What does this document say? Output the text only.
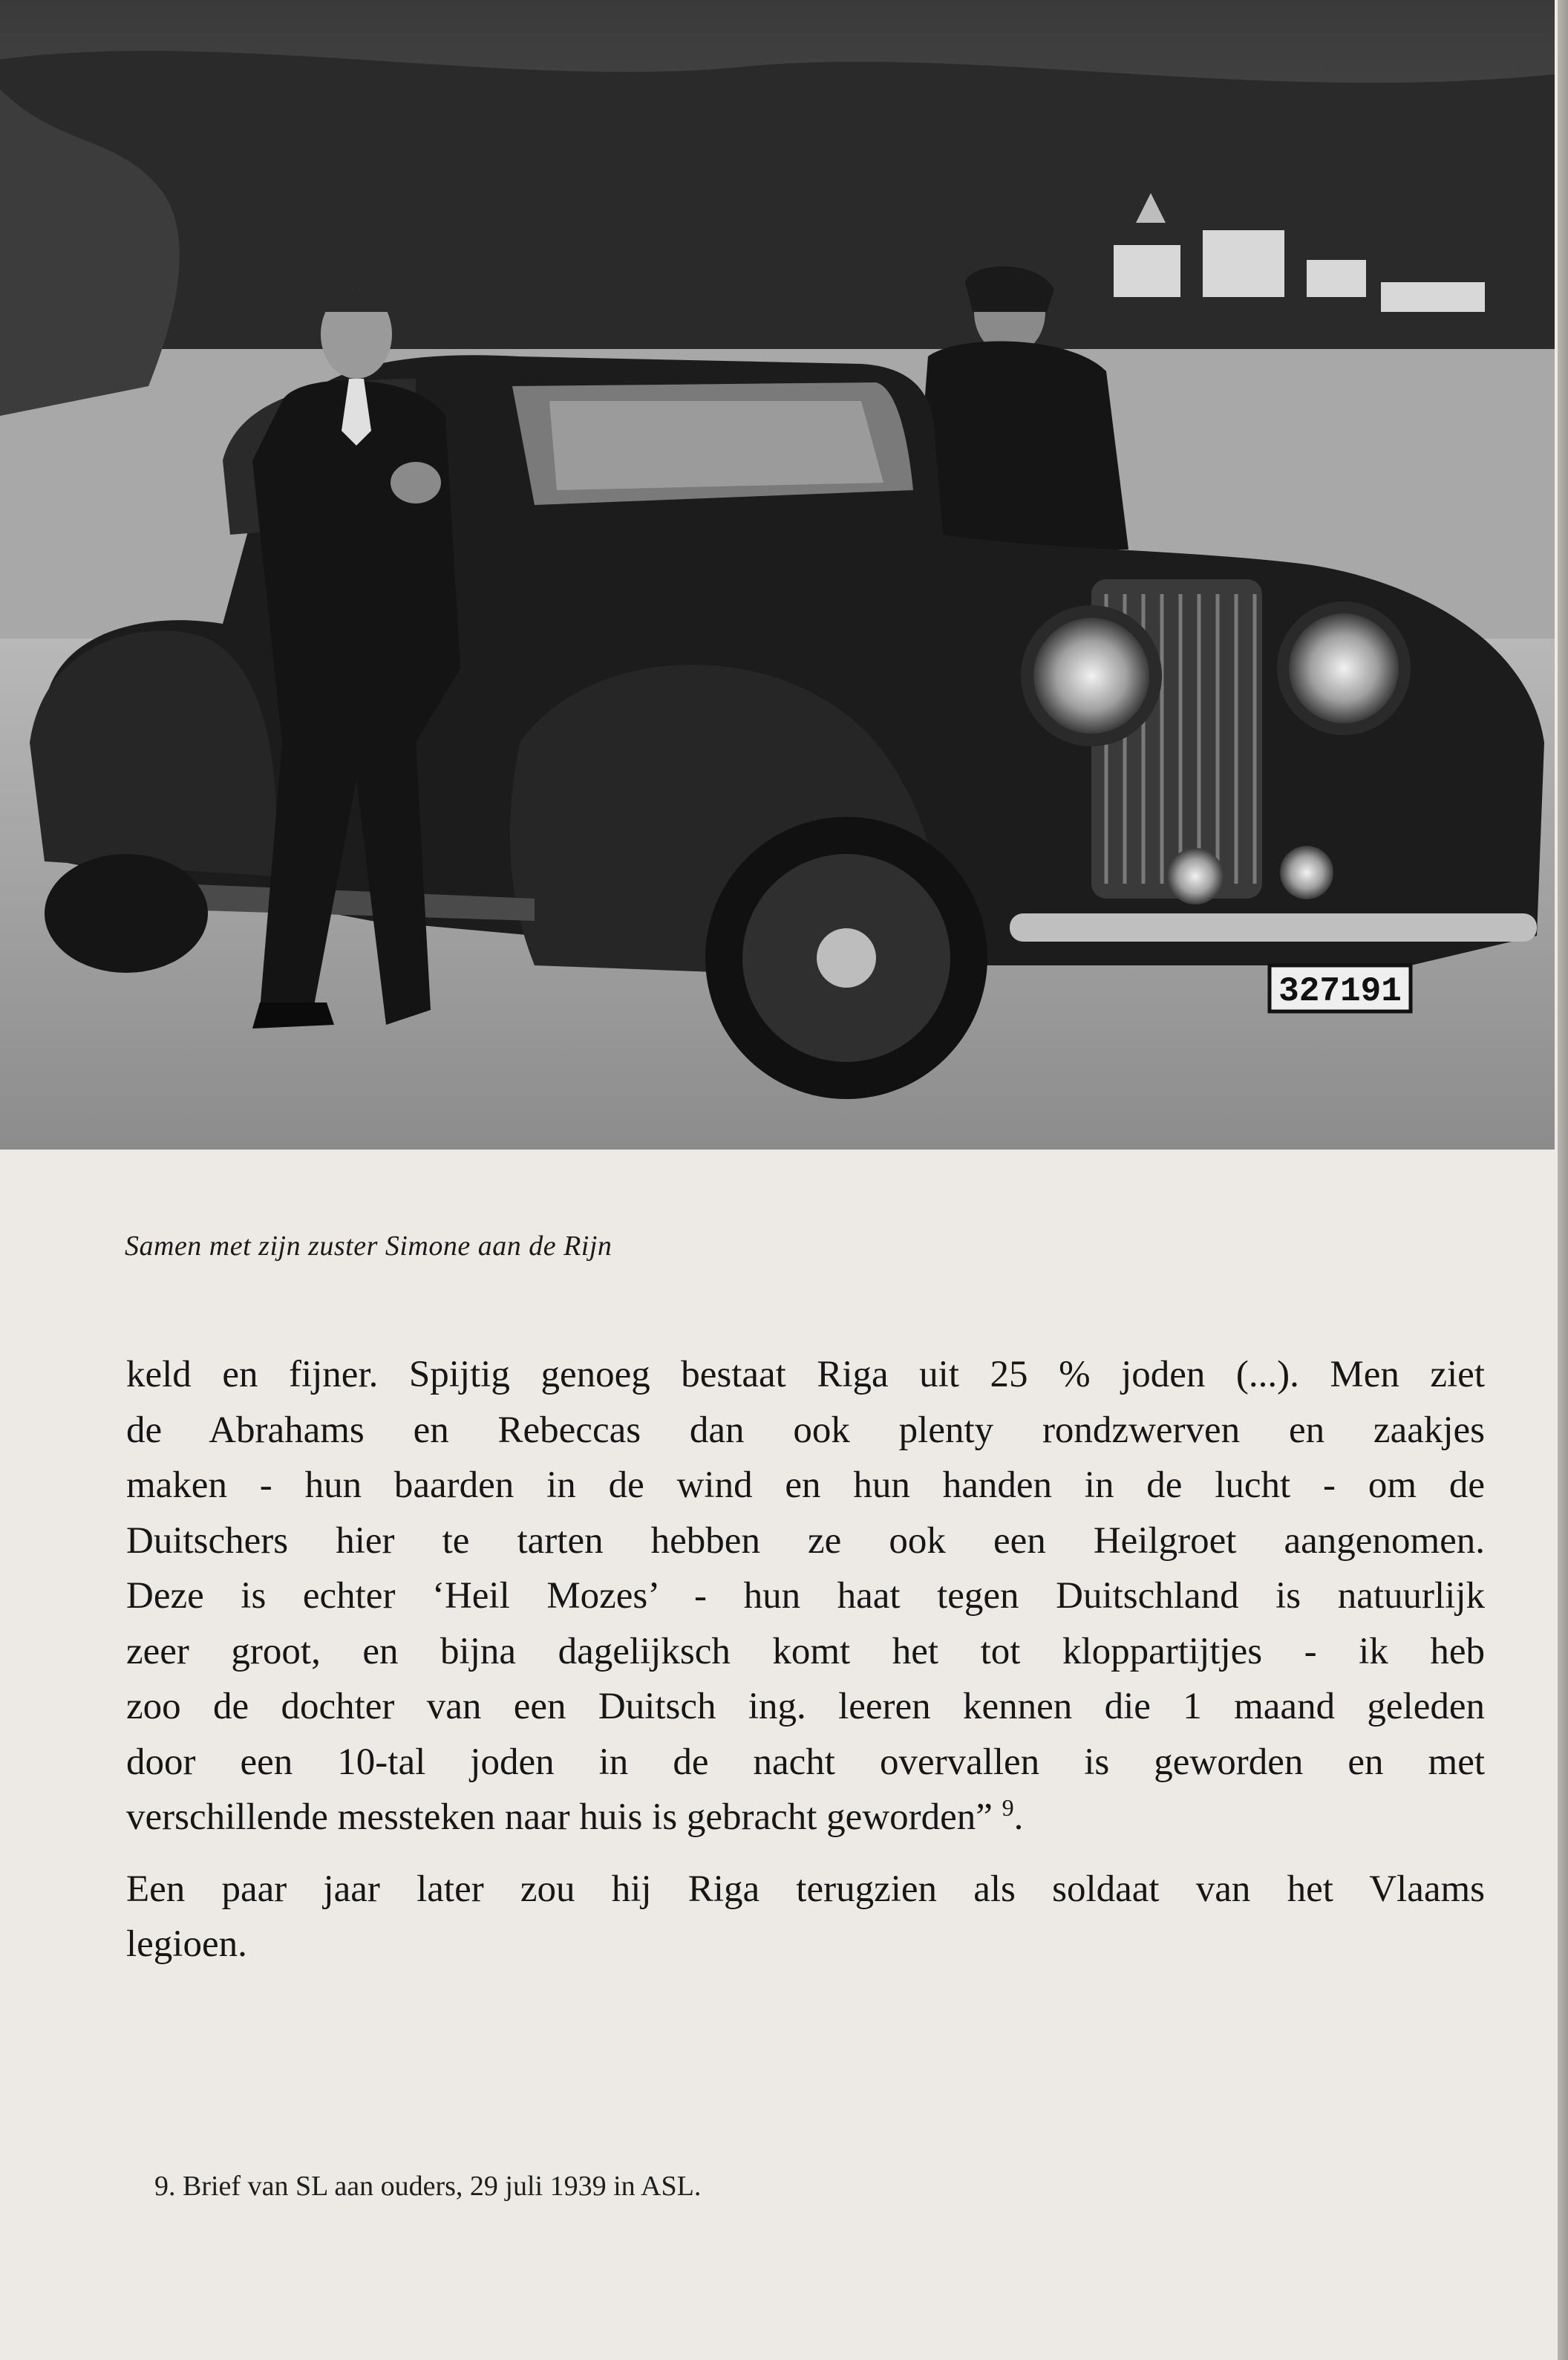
327191
Samen met zijn zuster Simone aan de Rijn

keld en fijner. Spijtig genoeg bestaat Riga uit 25 % joden (...). Men ziet
de Abrahams en Rebeccas dan ook plenty rondzwerven en zaakjes
maken - hun baarden in de wind en hun handen in de lucht - om de
Duitschers hier te tarten hebben ze ook een Heilgroet aangenomen.
Deze is echter ‘Heil Mozes’ - hun haat tegen Duitschland is natuurlijk
zeer groot, en bijna dagelijksch komt het tot kloppartijtjes - ik heb
zoo de dochter van een Duitsch ing. leeren kennen die 1 maand geleden
door een 10-tal joden in de nacht overvallen is geworden en met
verschillende messteken naar huis is gebracht geworden” $^9$.

Een paar jaar later zou hij Riga terugzien als soldaat van het Vlaams
legioen.

9. Brief van SL aan ouders, 29 juli 1939 in ASL.
